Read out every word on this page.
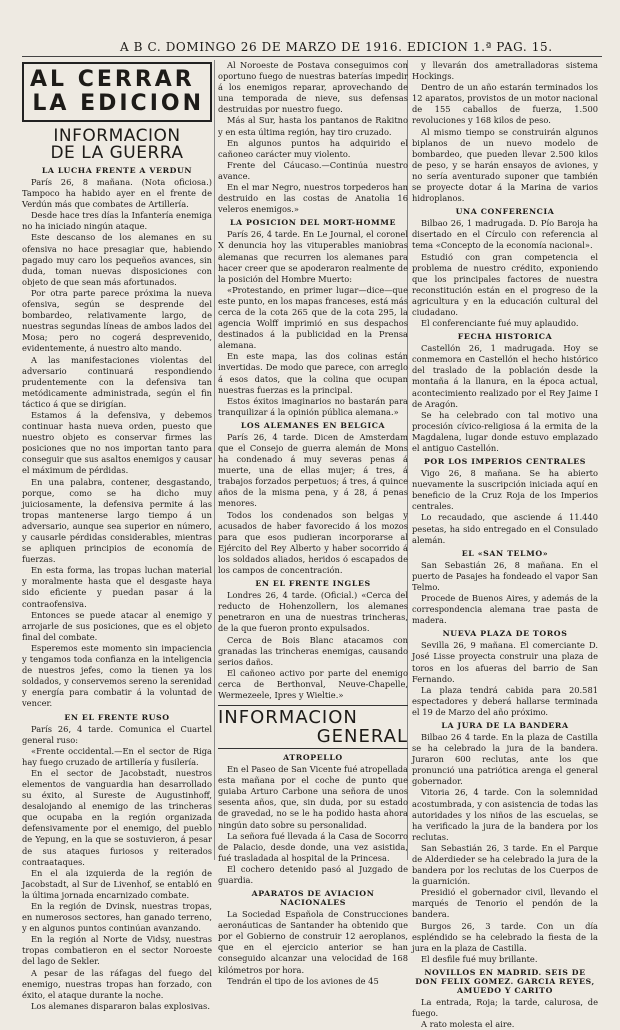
A B C. DOMINGO 26 DE MARZO DE 1916. EDICION 1.ª PAG. 15.
AL CERRAR
LA EDICION
INFORMACION
DE LA GUERRA
LA LUCHA FRENTE A VERDUN

París 26, 8 mañana. (Nota oficiosa.) Tampoco ha habido ayer en el frente de Verdún más que combates de Artillería.

Desde hace tres días la Infantería enemiga no ha iniciado ningún ataque.

Este descanso de los alemanes en su ofensiva no hace presagiar que, habiendo pagado muy caro los pequeños avances, sin duda, toman nuevas disposiciones con objeto de que sean más afortunados.

Por otra parte parece próxima la nueva ofensiva, según se desprende del bombardeo, relativamente largo, de nuestras segundas líneas de ambos lados del Mosa; pero no cogerá desprevenido, evidentemente, á nuestro alto mando.

A las manifestaciones violentas del adversario continuará respondiendo prudentemente con la defensiva tan metódicamente administrada, según el fin táctico á que se dirigían.

Estamos á la defensiva, y debemos continuar hasta nueva orden, puesto que nuestro objeto es conservar firmes las posiciones que no nos importan tanto para conseguir que sus asaltos enemigos y causar el máximum de pérdidas.

En una palabra, contener, desgastando, porque, como se ha dicho muy juiciosamente, la defensiva permite á las tropas mantenerse largo tiempo á un adversario, aunque sea superior en número, y causarle pérdidas considerables, mientras se apliquen principios de economía de fuerzas.

En esta forma, las tropas luchan material y moralmente hasta que el desgaste haya sido eficiente y puedan pasar á la contraofensiva.

Entonces se puede atacar al enemigo y arrojarle de sus posiciones, que es el objeto final del combate.

Esperemos este momento sin impaciencia y tengamos toda confianza en la inteligencia de nuestros jefes, como la tienen ya los soldados, y conservemos sereno la serenidad y energía para combatir á la voluntad de vencer.

EN EL FRENTE RUSO

París 26, 4 tarde. Comunica el Cuartel general ruso:

«Frente occidental.—En el sector de Riga hay fuego cruzado de artillería y fusilería.

En el sector de Jacobstadt, nuestros elementos de vanguardia han desarrollado su éxito, al Sureste de Augustinhoff, desalojando al enemigo de las trincheras que ocupaba en la región organizada defensivamente por el enemigo, del pueblo de Yepung, en la que se sostuvieron, á pesar de sus ataques furiosos y reiterados contraataques.

En el ala izquierda de la región de Jacobstadt, al Sur de Livenhof, se entabló en la última jornada encarnizado combate.

En la región de Dvinsk, nuestras tropas, en numerosos sectores, han ganado terreno, y en algunos puntos continúan avanzando.

En la región al Norte de Vidsy, nuestras tropas combatieron en el sector Noroeste del lago de Sekler.

A pesar de las ráfagas del fuego del enemigo, nuestras tropas han forzado, con éxito, el ataque durante la noche.

Los alemanes dispararon balas explosivas.

Al Noroeste de Postava conseguimos con oportuno fuego de nuestras baterías impedir á los enemigos reparar, aprovechando de una temporada de nieve, sus defensas destruidas por nuestro fuego.

Más al Sur, hasta los pantanos de Rakitno y en esta última región, hay tiro cruzado.

En algunos puntos ha adquirido el cañoneo carácter muy violento.

Frente del Cáucaso.—Continúa nuestro avance.

En el mar Negro, nuestros torpederos han destruido en las costas de Anatolia 16 veleros enemigos.»

LA POSICION DEL MORT-HOMME

París 26, 4 tarde. En Le Journal, el coronel X denuncia hoy las vituperables maniobras alemanas que recurren los alemanes para hacer creer que se apoderaron realmente de la posición del Hombre Muerto:

«Protestando, en primer lugar—dice—que este punto, en los mapas franceses, está más cerca de la cota 265 que de la cota 295, la agencia Wolff imprimió en sus despachos destinados á la publicidad en la Prensa alemana.

En este mapa, las dos colinas están invertidas. De modo que parece, con arreglo á esos datos, que la colina que ocupan nuestras fuerzas es la principal.

Estos éxitos imaginarios no bastarán para tranquilizar á la opinión pública alemana.»

LOS ALEMANES EN BELGICA

París 26, 4 tarde. Dicen de Amsterdam que el Consejo de guerra alemán de Mons ha condenado á muy severas penas á muerte, una de ellas mujer; á tres, á trabajos forzados perpetuos; á tres, á quince años de la misma pena, y á 28, á penas menores.

Todos los condenados son belgas y acusados de haber favorecido á los mozos para que esos pudieran incorporarse al Ejército del Rey Alberto y haber socorrido á los soldados aliados, heridos ó escapados de los campos de concentración.

EN EL FRENTE INGLES

Londres 26, 4 tarde. (Oficial.) «Cerca del reducto de Hohenzollern, los alemanes penetraron en una de nuestras trincheras, de la que fueron pronto expulsados.

Cerca de Bois Blanc atacamos con granadas las trincheras enemigas, causando serios daños.

El cañoneo activo por parte del enemigo cerca de Berthonval, Neuve-Chapelle, Wermezeele, Ipres y Wieltie.»

INFORMACION
GENERAL
ATROPELLO

En el Paseo de San Vicente fué atropellada esta mañana por el coche de punto que guiaba Arturo Carbone una señora de unos sesenta años, que, sin duda, por su estado de gravedad, no se le ha podido hasta ahora ningún dato sobre su personalidad.

La señora fué llevada á la Casa de Socorro de Palacio, desde donde, una vez asistida, fué trasladada al hospital de la Princesa.

El cochero detenido pasó al Juzgado de guardia.

APARATOS DE AVIACION NACIONALES

La Sociedad Española de Construcciones aeronáuticas de Santander ha obtenido que por el Gobierno de construir 12 aeroplanos, que en el ejercicio anterior se han conseguido alcanzar una velocidad de 168 kilómetros por hora.

Tendrán el tipo de los aviones de 45

y llevarán dos ametralladoras sistema Hockings.

Dentro de un año estarán terminados los 12 aparatos, provistos de un motor nacional de 155 caballos de fuerza, 1.500 revoluciones y 168 kilos de peso.

Al mismo tiempo se construirán algunos biplanos de un nuevo modelo de bombardeo, que pueden llevar 2.500 kilos de peso, y se harán ensayos de aviones, y no sería aventurado suponer que también se proyecte dotar á la Marina de varios hidroplanos.

UNA CONFERENCIA

Bilbao 26, 1 madrugada. D. Pío Baroja ha disertado en el Círculo con referencia al tema «Concepto de la economía nacional».

Estudió con gran competencia el problema de nuestro crédito, exponiendo que los principales factores de nuestra reconstitución están en el progreso de la agricultura y en la educación cultural del ciudadano.

El conferenciante fué muy aplaudido.

FECHA HISTORICA

Castellón 26, 1 madrugada. Hoy se conmemora en Castellón el hecho histórico del traslado de la población desde la montaña á la llanura, en la época actual, acontecimiento realizado por el Rey Jaime I de Aragón.

Se ha celebrado con tal motivo una procesión cívico-religiosa á la ermita de la Magdalena, lugar donde estuvo emplazado el antiguo Castellón.

POR LOS IMPERIOS CENTRALES

Vigo 26, 8 mañana. Se ha abierto nuevamente la suscripción iniciada aquí en beneficio de la Cruz Roja de los Imperios centrales.

Lo recaudado, que asciende á 11.440 pesetas, ha sido entregado en el Consulado alemán.

EL «SAN TELMO»

San Sebastián 26, 8 mañana. En el puerto de Pasajes ha fondeado el vapor San Telmo.

Procede de Buenos Aires, y además de la correspondencia alemana trae pasta de madera.

NUEVA PLAZA DE TOROS

Sevilla 26, 9 mañana. El comerciante D. José Lisse proyecta construir una plaza de toros en los afueras del barrio de San Fernando.

La plaza tendrá cabida para 20.581 espectadores y deberá hallarse terminada el 19 de Marzo del año próximo.

LA JURA DE LA BANDERA

Bilbao 26 4 tarde. En la plaza de Castilla se ha celebrado la jura de la bandera. Juraron 600 reclutas, ante los que pronunció una patriótica arenga el general gobernador.

Vitoria 26, 4 tarde. Con la solemnidad acostumbrada, y con asistencia de todas las autoridades y los niños de las escuelas, se ha verificado la jura de la bandera por los reclutas.

San Sebastián 26, 3 tarde. En el Parque de Alderdieder se ha celebrado la jura de la bandera por los reclutas de los Cuerpos de la guarnición.

Presidió el gobernador civil, llevando el marqués de Tenorio el pendón de la bandera.

Burgos 26, 3 tarde. Con un día espléndido se ha celebrado la fiesta de la jura en la plaza de Castilla.

El desfile fué muy brillante.

NOVILLOS EN MADRID. SEIS DE DON FELIX GOMEZ. GARCIA REYES, AMUEDO Y CARITO

La entrada, Roja; la tarde, calurosa, de fuego.

A rato molesta el aire.
